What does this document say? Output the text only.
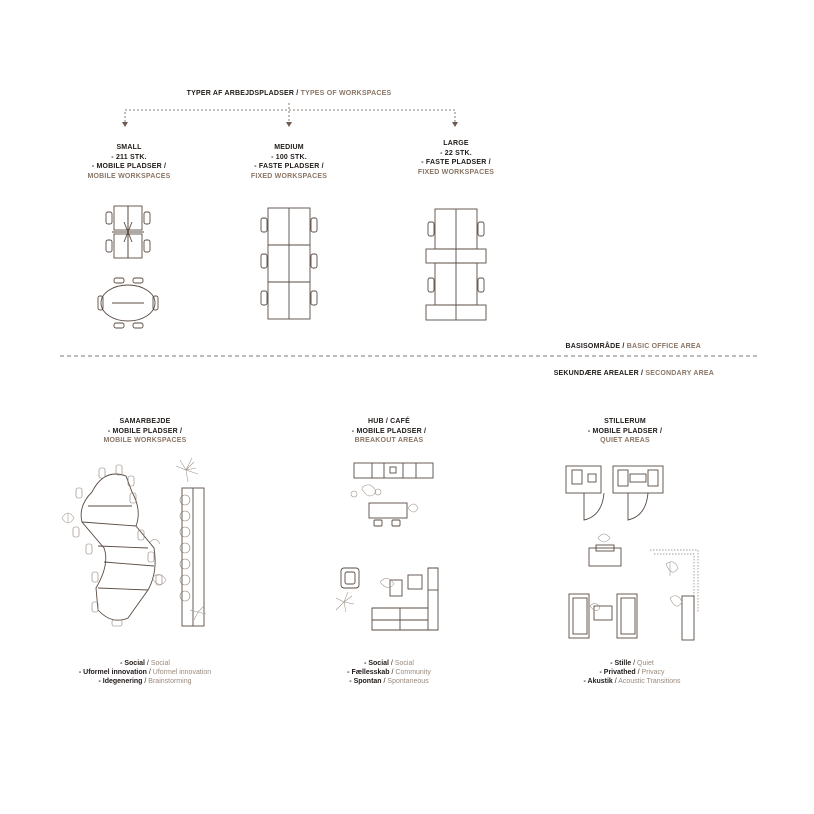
TYPER AF ARBEJDSPLADSER / TYPES OF WORKSPACES
SMALL
- 211 STK.
- MOBILE PLADSER /
MOBILE WORKSPACES
MEDIUM
- 100 STK.
- FASTE PLADSER /
FIXED WORKSPACES
LARGE
- 22 STK.
- FASTE PLADSER /
FIXED WORKSPACES
BASISOMRÅDE / BASIC OFFICE AREA
SEKUNDÆRE AREALER / SECONDARY AREA
SAMARBEJDE
- MOBILE PLADSER /
MOBILE WORKSPACES
HUB / CAFÉ
- MOBILE PLADSER /
BREAKOUT AREAS
STILLERUM
- MOBILE PLADSER /
QUIET AREAS
- Social / Social
- Uformel innovation / Uformel innovation
- Idegenering / Brainstorming
- Social / Social
- Fællesskab / Community
- Spontan / Spontaneous
- Stille / Quiet
- Privathed / Privacy
- Akustik / Acoustic Transitions
